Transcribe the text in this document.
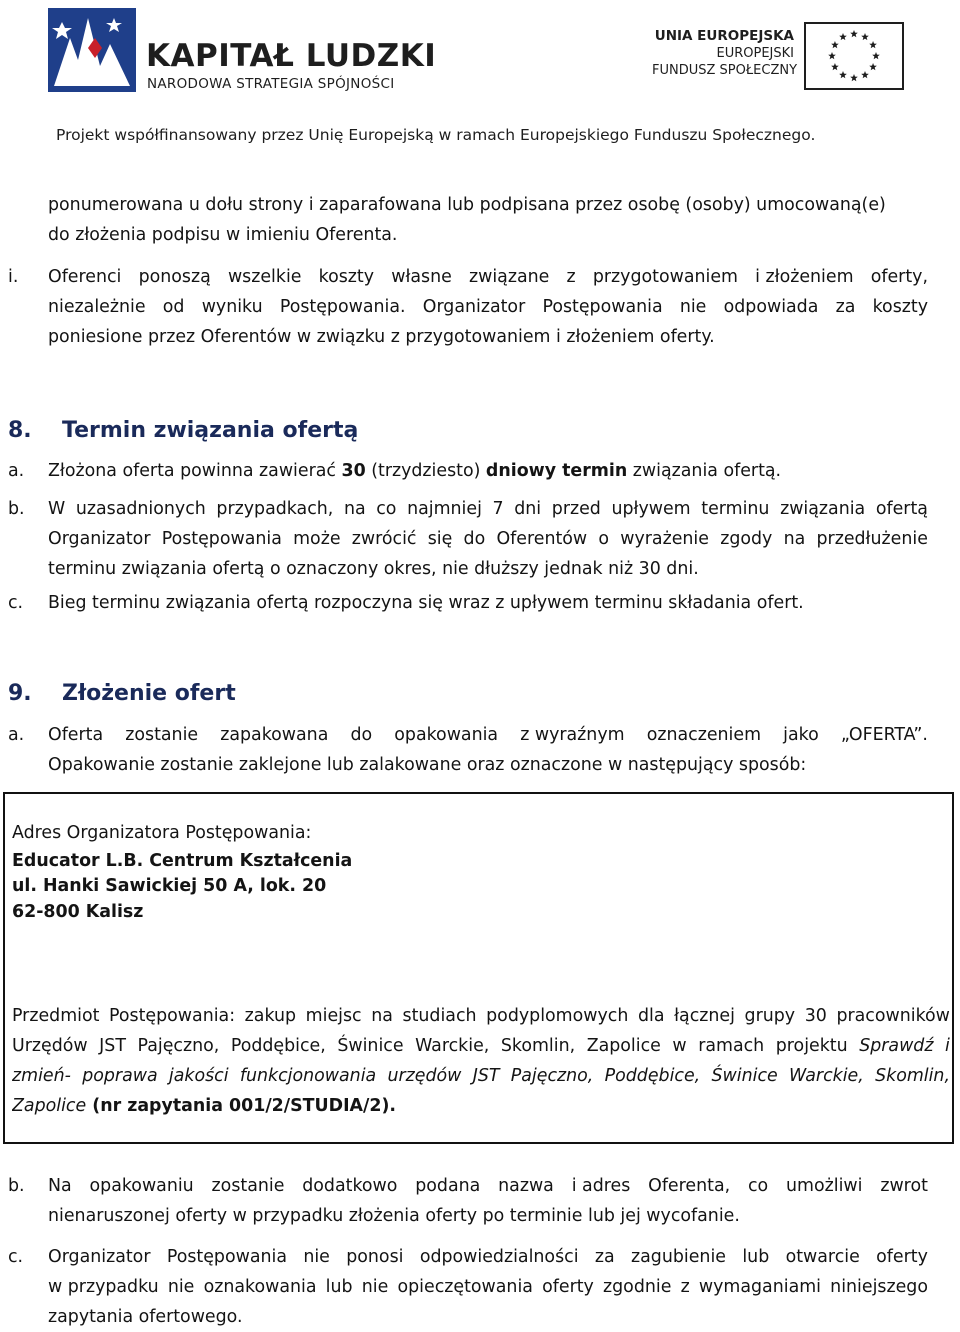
KAPITAŁ LUDZKI
NARODOWA STRATEGIA SPÓJNOŚCI
UNIA EUROPEJSKA
EUROPEJSKI
FUNDUSZ SPOŁECZNY
Projekt współfinansowany przez Unię Europejską w ramach Europejskiego Funduszu Społecznego.
ponumerowana u dołu strony i zaparafowana lub podpisana przez osobę (osoby) umocowaną(e)
do złożenia podpisu w imieniu Oferenta.
i. Oferenci ponoszą wszelkie koszty własne związane z przygotowaniem i złożeniem oferty,
niezależnie od wyniku Postępowania. Organizator Postępowania nie odpowiada za koszty
poniesione przez Oferentów w związku z przygotowaniem i złożeniem oferty.
8. Termin związania ofertą
a. Złożona oferta powinna zawierać 30 (trzydziesto) dniowy termin związania ofertą.
b. W uzasadnionych przypadkach, na co najmniej 7 dni przed upływem terminu związania ofertą
Organizator Postępowania może zwrócić się do Oferentów o wyrażenie zgody na przedłużenie
terminu związania ofertą o oznaczony okres, nie dłuższy jednak niż 30 dni.
c. Bieg terminu związania ofertą rozpoczyna się wraz z upływem terminu składania ofert.
9. Złożenie ofert
a. Oferta zostanie zapakowana do opakowania z wyraźnym oznaczeniem jako „OFERTA”.
Opakowanie zostanie zaklejone lub zalakowane oraz oznaczone w następujący sposób:
Adres Organizatora Postępowania:
Educator L.B. Centrum Kształcenia
ul. Hanki Sawickiej 50 A, lok. 20
62-800 Kalisz
Przedmiot Postępowania: zakup miejsc na studiach podyplomowych dla łącznej grupy 30 pracowników
Urzędów JST Pajęczno, Poddębice, Świnice Warckie, Skomlin, Zapolice w ramach projektu Sprawdź i
zmień- poprawa jakości funkcjonowania urzędów JST Pajęczno, Poddębice, Świnice Warckie, Skomlin,
Zapolice (nr zapytania 001/2/STUDIA/2).
b. Na opakowaniu zostanie dodatkowo podana nazwa i adres Oferenta, co umożliwi zwrot
nienaruszonej oferty w przypadku złożenia oferty po terminie lub jej wycofanie.
c. Organizator Postępowania nie ponosi odpowiedzialności za zagubienie lub otwarcie oferty
w przypadku nie oznakowania lub nie opieczętowania oferty zgodnie z wymaganiami niniejszego
zapytania ofertowego.
